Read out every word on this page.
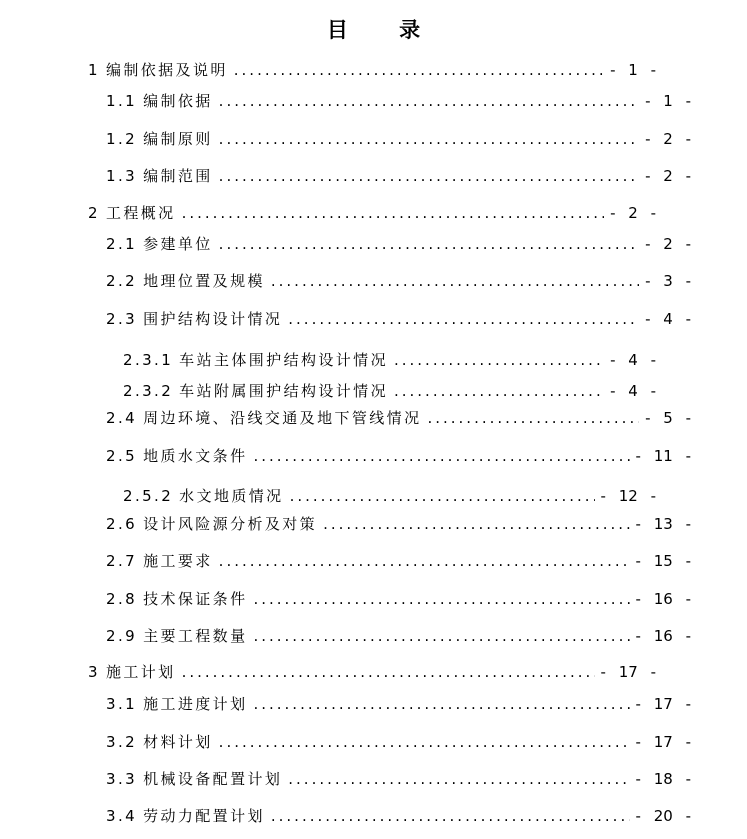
目 录
1 编制依据及说明 .....	- 1 -
1.1 编制依据 .....	- 1 -
1.2 编制原则 .....	- 2 -
1.3 编制范围 .....	- 2 -
2 工程概况 .....	- 2 -
2.1 参建单位 .....	- 2 -
2.2 地理位置及规模 .....	- 3 -
2.3 围护结构设计情况 .....	- 4 -
2.3.1 车站主体围护结构设计情况 .....	- 4 -
2.3.2 车站附属围护结构设计情况 .....	- 4 -
2.4 周边环境、沿线交通及地下管线情况 .....	- 5 -
2.5 地质水文条件 .....	- 11 -
2.5.2 水文地质情况 .....	- 12 -
2.6 设计风险源分析及对策 .....	- 13 -
2.7 施工要求 .....	- 15 -
2.8 技术保证条件 .....	- 16 -
2.9 主要工程数量 .....	- 16 -
3 施工计划 .....	- 17 -
3.1 施工进度计划 .....	- 17 -
3.2 材料计划 .....	- 17 -
3.3 机械设备配置计划 .....	- 18 -
3.4 劳动力配置计划 .....	- 20 -
